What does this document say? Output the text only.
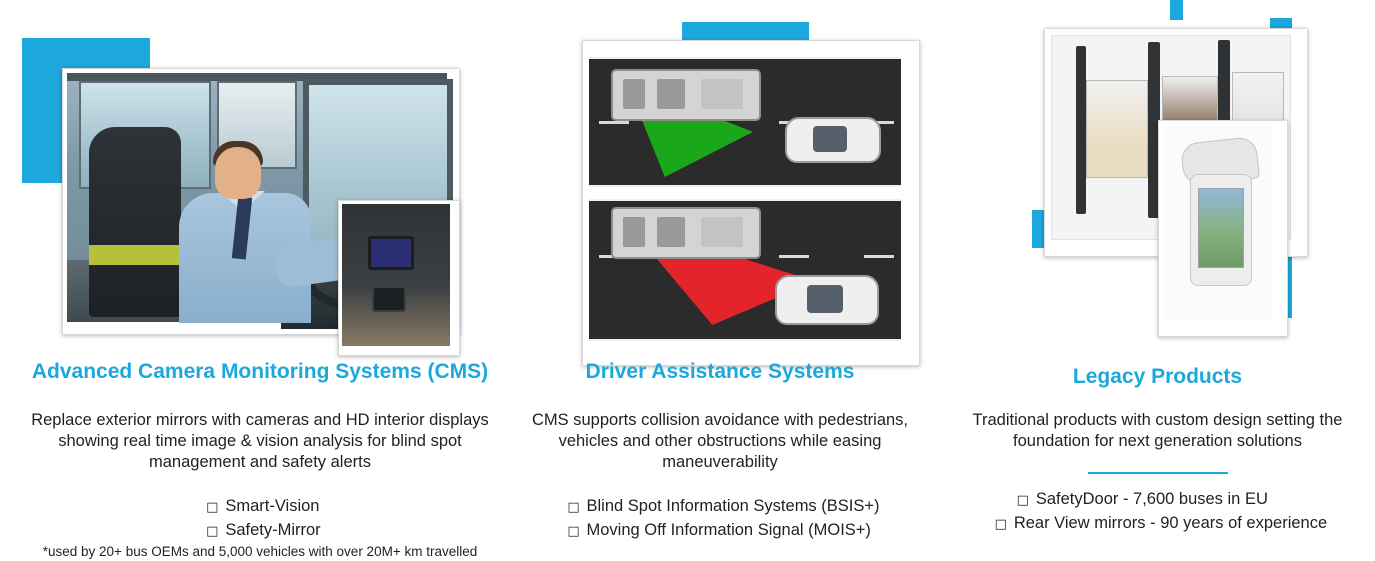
Advanced Camera Monitoring Systems (CMS)
Replace exterior mirrors with cameras and HD interior displays showing real time image & vision analysis for blind spot management and safety alerts
□ Smart-Vision
□ Safety-Mirror
*used by 20+ bus OEMs and 5,000 vehicles with over 20M+ km travelled
Driver Assistance Systems
CMS supports collision avoidance with pedestrians, vehicles and other obstructions while easing maneuverability
□ Blind Spot Information Systems (BSIS+)
□ Moving Off Information Signal (MOIS+)
Legacy Products
Traditional products with custom design setting the foundation for next generation solutions
□ SafetyDoor - 7,600 buses in EU
□ Rear View mirrors - 90 years of experience
